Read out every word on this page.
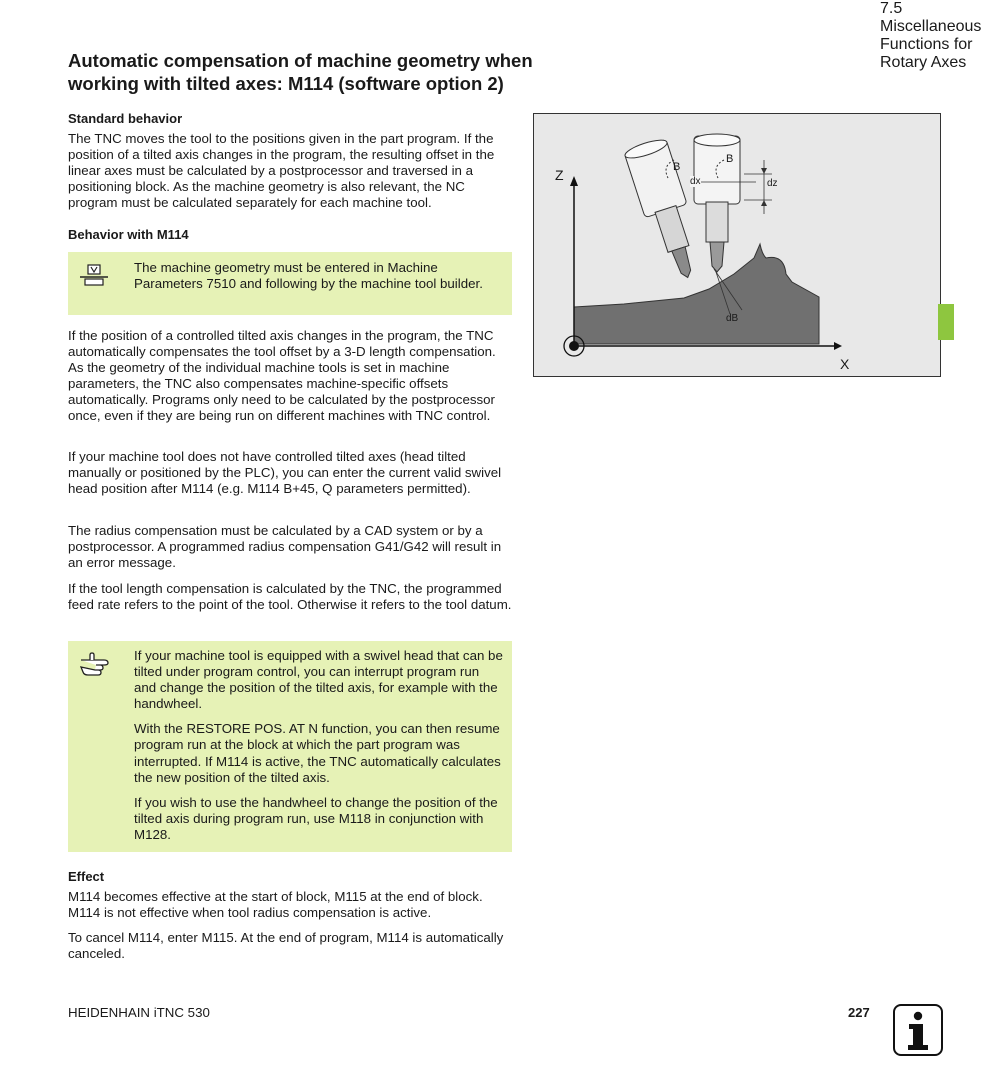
Automatic compensation of machine geometry when working with tilted axes: M114 (software option 2)
Standard behavior

The TNC moves the tool to the positions given in the part program. If the position of a tilted axis changes in the program, the resulting offset in the linear axes must be calculated by a postprocessor and traversed in a positioning block. As the machine geometry is also relevant, the NC program must be calculated separately for each machine tool.

Behavior with M114
The machine geometry must be entered in Machine Parameters 7510 and following by the machine tool builder.

If the position of a controlled tilted axis changes in the program, the TNC automatically compensates the tool offset by a 3-D length compensation. As the geometry of the individual machine tools is set in machine parameters, the TNC also compensates machine-specific offsets automatically. Programs only need to be calculated by the postprocessor once, even if they are being run on different machines with TNC control.

If your machine tool does not have controlled tilted axes (head tilted manually or positioned by the PLC), you can enter the current valid swivel head position after M114 (e.g. M114 B+45, Q parameters permitted).

The radius compensation must be calculated by a CAD system or by a postprocessor. A programmed radius compensation G41/G42 will result in an error message.

If the tool length compensation is calculated by the TNC, the programmed feed rate refers to the point of the tool. Otherwise it refers to the tool datum.

If your machine tool is equipped with a swivel head that can be tilted under program control, you can interrupt program run and change the position of the tilted axis, for example with the handwheel.

With the RESTORE POS. AT N function, you can then resume program run at the block at which the part program was interrupted. If M114 is active, the TNC automatically calculates the new position of the tilted axis.

If you wish to use the handwheel to change the position of the tilted axis during program run, use M118 in conjunction with M128.

Effect

M114 becomes effective at the start of block, M115 at the end of block. M114 is not effective when tool radius compensation is active.

To cancel M114, enter M115. At the end of program, M114 is automatically canceled.

Z
X
B
B
dx	dz
dB
7.5 Miscellaneous Functions for Rotary Axes
HEIDENHAIN iTNC 530	227
